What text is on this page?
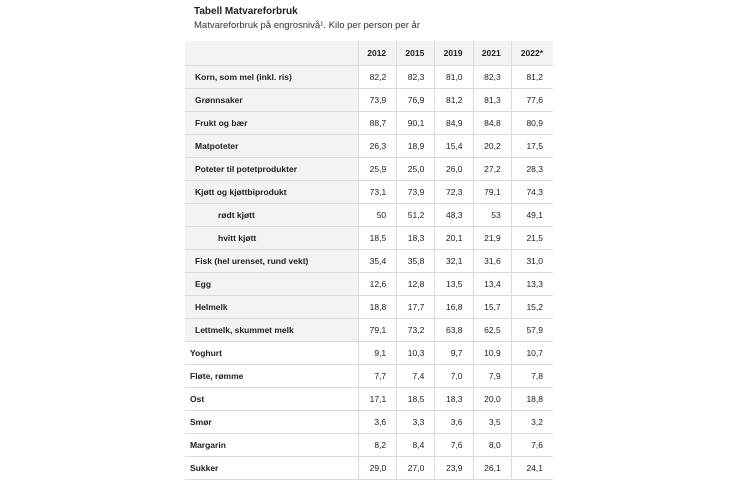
Tabell Matvareforbruk
Matvareforbruk på engrosnivå¹. Kilo per person per år
	2012	2015	2019	2021	2022*
Korn, som mel (inkl. ris)	82,2	82,3	81,0	82,3	81,2
Grønnsaker	73,9	76,9	81,2	81,3	77,6
Frukt og bær	88,7	90,1	84,9	84,8	80,9
Matpoteter	26,3	18,9	15,4	20,2	17,5
Poteter til potetprodukter	25,9	25,0	26,0	27,2	28,3
Kjøtt og kjøttbiprodukt	73,1	73,9	72,3	79,1	74,3
rødt kjøtt	50	51,2	48,3	53	49,1
hvitt kjøtt	18,5	18,3	20,1	21,9	21,5
Fisk (hel urenset, rund vekt)	35,4	35,8	32,1	31,6	31,0
Egg	12,6	12,8	13,5	13,4	13,3
Helmelk	18,8	17,7	16,8	15,7	15,2
Lettmelk, skummet melk	79,1	73,2	63,8	62,5	57,9
Yoghurt	9,1	10,3	9,7	10,9	10,7
Fløte, rømme	7,7	7,4	7,0	7,9	7,8
Ost	17,1	18,5	18,3	20,0	18,8
Smør	3,6	3,3	3,6	3,5	3,2
Margarin	8,2	8,4	7,6	8,0	7,6
Sukker	29,0	27,0	23,9	26,1	24,1
